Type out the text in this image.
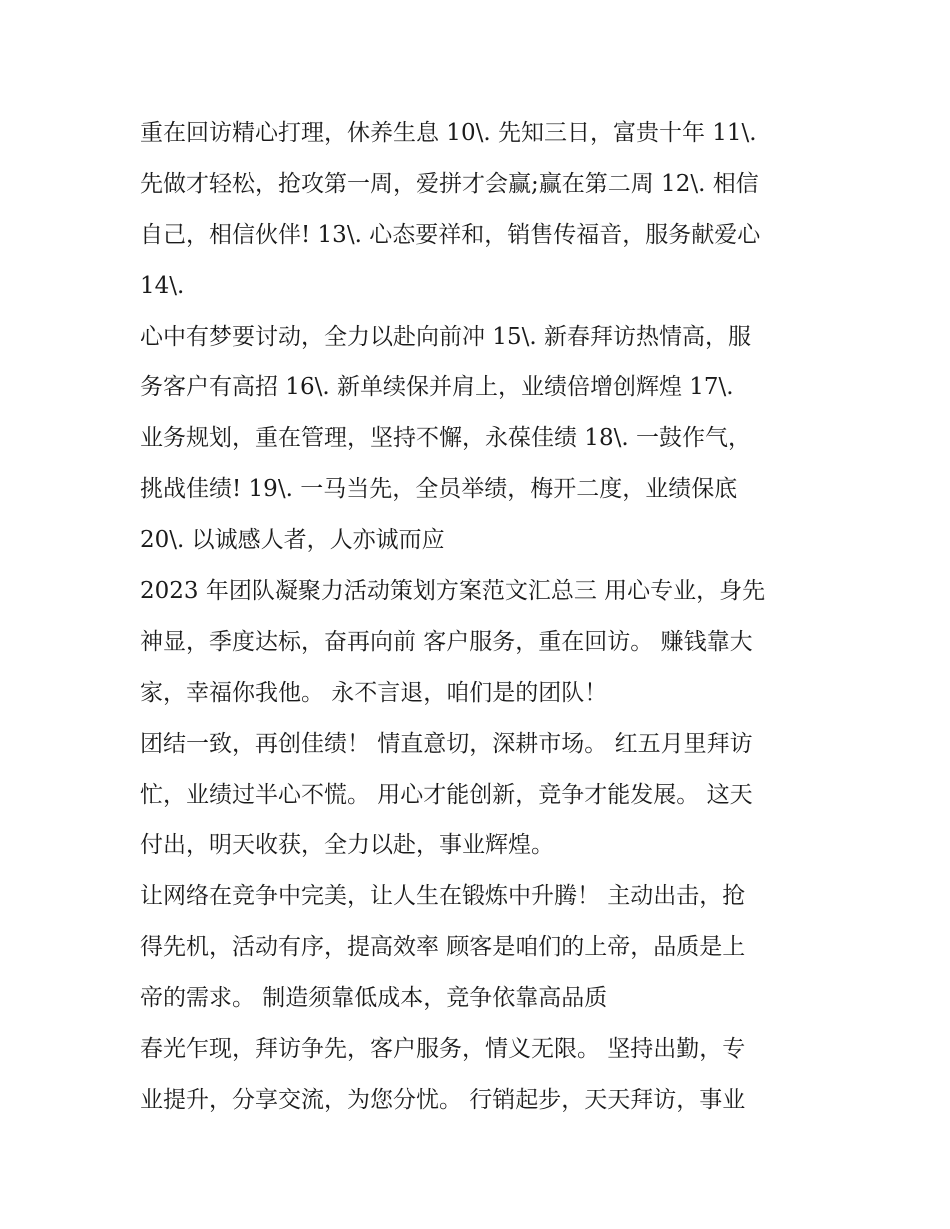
重在回访精心打理，休养生息 10\. 先知三日，富贵十年 11\.
先做才轻松，抢攻第一周，爱拼才会赢;赢在第二周 12\. 相信
自己，相信伙伴! 13\. 心态要祥和，销售传福音，服务献爱心
14\.
心中有梦要讨动，全力以赴向前冲 15\. 新春拜访热情高，服
务客户有高招 16\. 新单续保并肩上，业绩倍增创辉煌 17\.
业务规划，重在管理，坚持不懈，永葆佳绩 18\. 一鼓作气，
挑战佳绩! 19\. 一马当先，全员举绩，梅开二度，业绩保底
20\. 以诚感人者，人亦诚而应
2023 年团队凝聚力活动策划方案范文汇总三 用心专业，身先
神显，季度达标，奋再向前 客户服务，重在回访。 赚钱靠大
家，幸福你我他。 永不言退，咱们是的团队！
团结一致，再创佳绩！ 情直意切，深耕市场。 红五月里拜访
忙，业绩过半心不慌。 用心才能创新，竞争才能发展。 这天
付出，明天收获，全力以赴，事业辉煌。
让网络在竞争中完美，让人生在锻炼中升腾！ 主动出击，抢
得先机，活动有序，提高效率 顾客是咱们的上帝，品质是上
帝的需求。 制造须靠低成本，竞争依靠高品质
春光乍现，拜访争先，客户服务，情义无限。 坚持出勤，专
业提升，分享交流，为您分忧。 行销起步，天天拜访，事业
